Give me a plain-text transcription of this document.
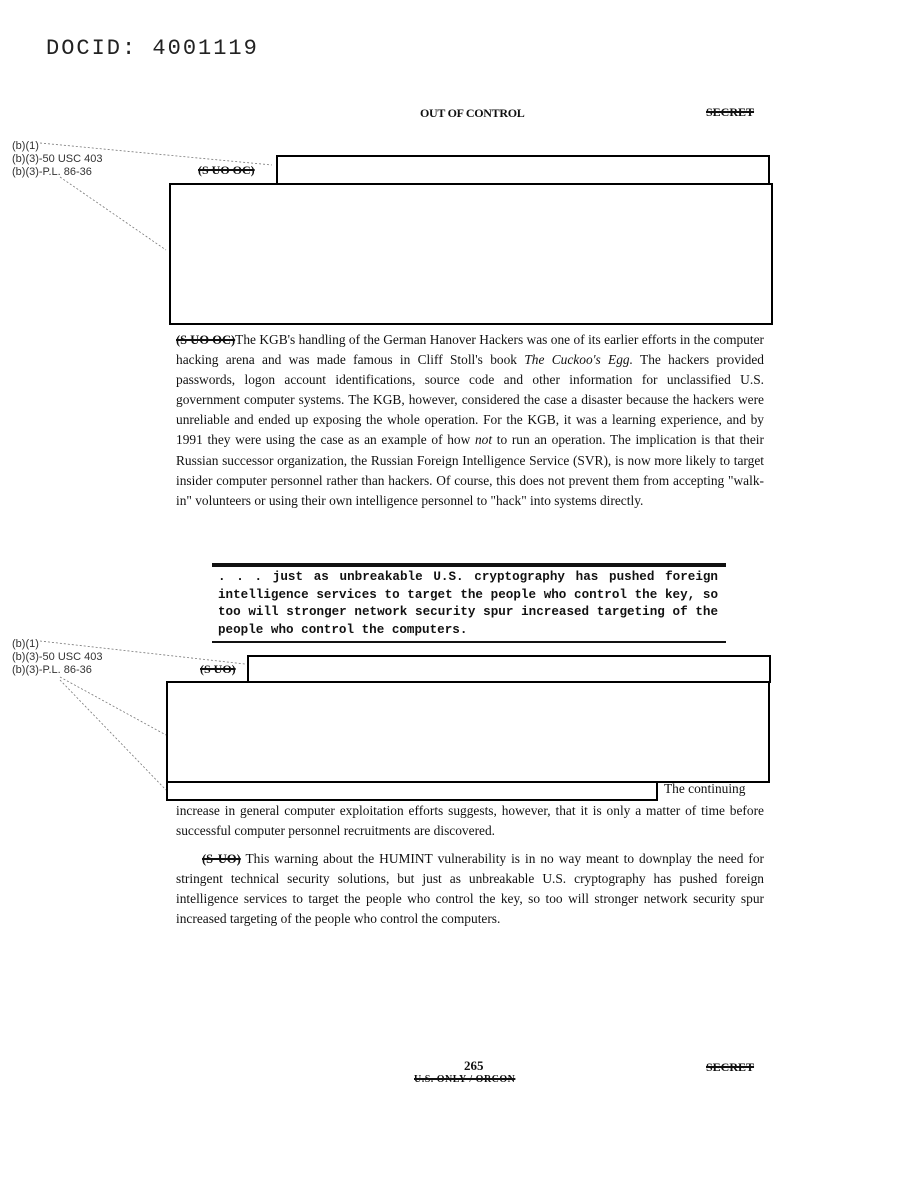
DOCID: 4001119
OUT OF CONTROL	SECRET
(b)(1)
(b)(3)-50 USC 403
(b)(3)-P.L. 86-36
(b)(1)
(b)(3)-50 USC 403
(b)(3)-P.L. 86-36
(S UO OC)
(S UO OC)The KGB's handling of the German Hanover Hackers was one of its earlier efforts in the computer hacking arena and was made famous in Cliff Stoll's book The Cuckoo's Egg. The hackers provided passwords, logon account identifications, source code and other information for unclassified U.S. government computer systems. The KGB, however, considered the case a disaster because the hackers were unreliable and ended up exposing the whole operation. For the KGB, it was a learning experience, and by 1991 they were using the case as an example of how not to run an operation. The implication is that their Russian successor organization, the Russian Foreign Intelligence Service (SVR), is now more likely to target insider computer personnel rather than hackers. Of course, this does not prevent them from accepting "walk-in" volunteers or using their own intelligence personnel to "hack" into systems directly.
. . . just as unbreakable U.S. cryptography has pushed foreign intelligence services to target the people who control the key, so too will stronger network security spur increased targeting of the people who control the computers.
(S UO)
The continuing
increase in general computer exploitation efforts suggests, however, that it is only a matter of time before successful computer personnel recruitments are discovered.
(S UO) This warning about the HUMINT vulnerability is in no way meant to downplay the need for stringent technical security solutions, but just as unbreakable U.S. cryptography has pushed foreign intelligence services to target the people who control the key, so too will stronger network security spur increased targeting of the people who control the computers.
265	SECRET
U.S. ONLY / ORCON
